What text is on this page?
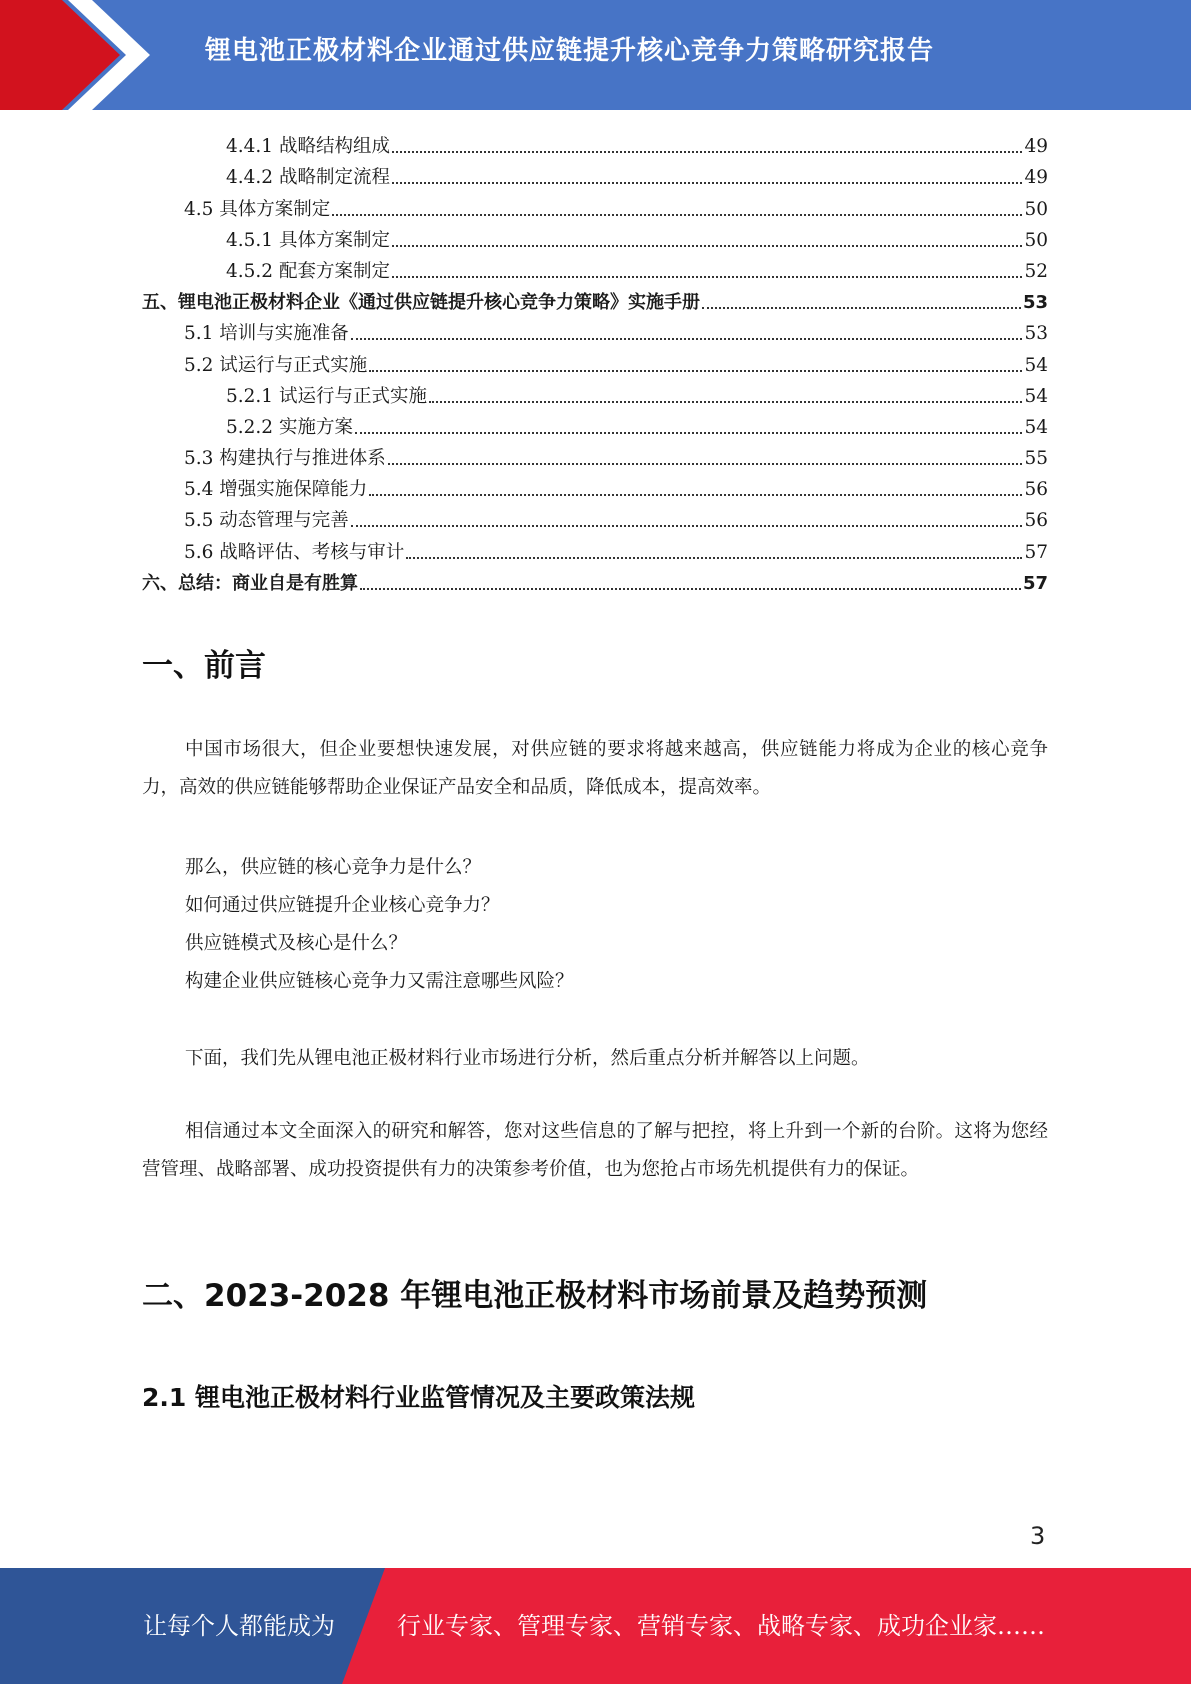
锂电池正极材料企业通过供应链提升核心竞争力策略研究报告
4.4.1 战略结构组成	49
4.4.2 战略制定流程	49
4.5 具体方案制定	50
4.5.1 具体方案制定	50
4.5.2 配套方案制定	52
五、锂电池正极材料企业《通过供应链提升核心竞争力策略》实施手册	53
5.1 培训与实施准备	53
5.2 试运行与正式实施	54
5.2.1 试运行与正式实施	54
5.2.2 实施方案	54
5.3 构建执行与推进体系	55
5.4 增强实施保障能力	56
5.5 动态管理与完善	56
5.6 战略评估、考核与审计	57
六、总结：商业自是有胜算	57
一、前言
中国市场很大，但企业要想快速发展，对供应链的要求将越来越高，供应链能力将成为企业的核心竞争力，高效的供应链能够帮助企业保证产品安全和品质，降低成本，提高效率。
那么，供应链的核心竞争力是什么？
如何通过供应链提升企业核心竞争力？
供应链模式及核心是什么？
构建企业供应链核心竞争力又需注意哪些风险？
下面，我们先从锂电池正极材料行业市场进行分析，然后重点分析并解答以上问题。
相信通过本文全面深入的研究和解答，您对这些信息的了解与把控，将上升到一个新的台阶。这将为您经营管理、战略部署、成功投资提供有力的决策参考价值，也为您抢占市场先机提供有力的保证。
二、2023-2028 年锂电池正极材料市场前景及趋势预测
2.1 锂电池正极材料行业监管情况及主要政策法规
3
让每个人都能成为	行业专家、管理专家、营销专家、战略专家、成功企业家……
